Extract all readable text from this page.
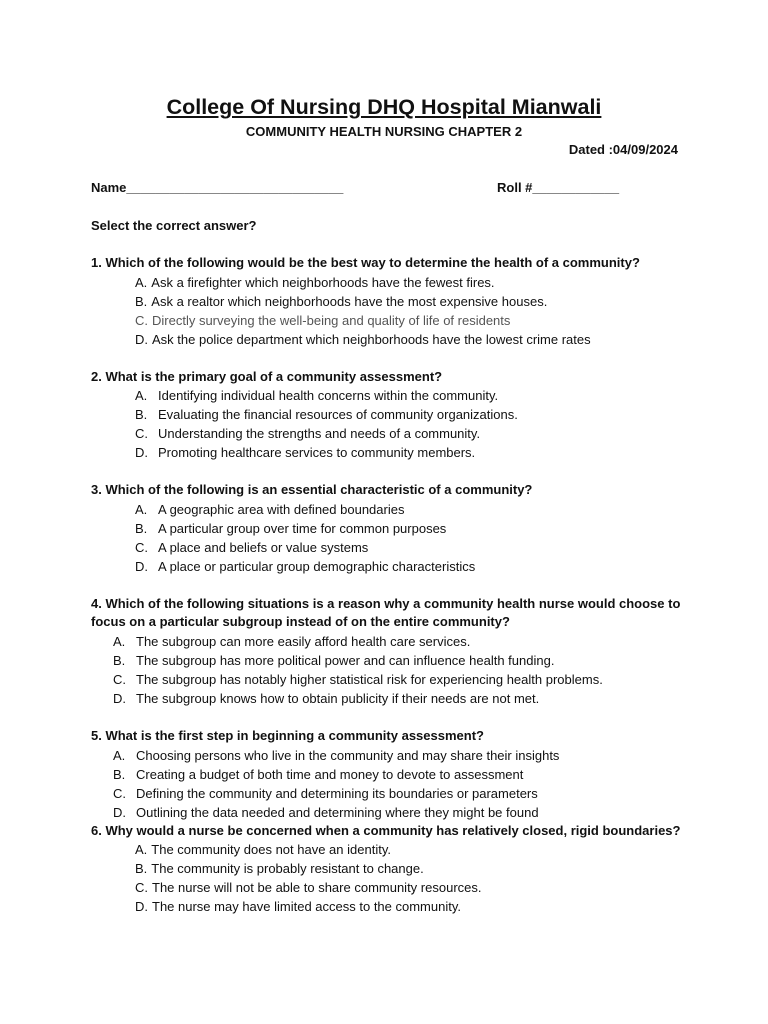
College Of Nursing DHQ Hospital Mianwali
COMMUNITY HEALTH NURSING CHAPTER 2
Dated :04/09/2024
Name______________________________	Roll #____________
Select the correct answer?

1. Which of the following would be the best way to determine the health of a community?

A. Ask a firefighter which neighborhoods have the fewest fires.
B. Ask a realtor which neighborhoods have the most expensive houses.
C. Directly surveying the well-being and quality of life of residents
D. Ask the police department which neighborhoods have the lowest crime rates

2. What is the primary goal of a community assessment?

A. Identifying individual health concerns within the community.
B. Evaluating the financial resources of community organizations.
C. Understanding the strengths and needs of a community.
D. Promoting healthcare services to community members.

3. Which of the following is an essential characteristic of a community?

A. A geographic area with defined boundaries
B. A particular group over time for common purposes
C. A place and beliefs or value systems
D. A place or particular group demographic characteristics

4. Which of the following situations is a reason why a community health nurse would choose to focus on a particular subgroup instead of on the entire community?

A. The subgroup can more easily afford health care services.
B. The subgroup has more political power and can influence health funding.
C. The subgroup has notably higher statistical risk for experiencing health problems.
D. The subgroup knows how to obtain publicity if their needs are not met.

5. What is the first step in beginning a community assessment?

A. Choosing persons who live in the community and may share their insights
B. Creating a budget of both time and money to devote to assessment
C. Defining the community and determining its boundaries or parameters
D. Outlining the data needed and determining where they might be found

6. Why would a nurse be concerned when a community has relatively closed, rigid boundaries?

A. The community does not have an identity.
B. The community is probably resistant to change.
C. The nurse will not be able to share community resources.
D. The nurse may have limited access to the community.
